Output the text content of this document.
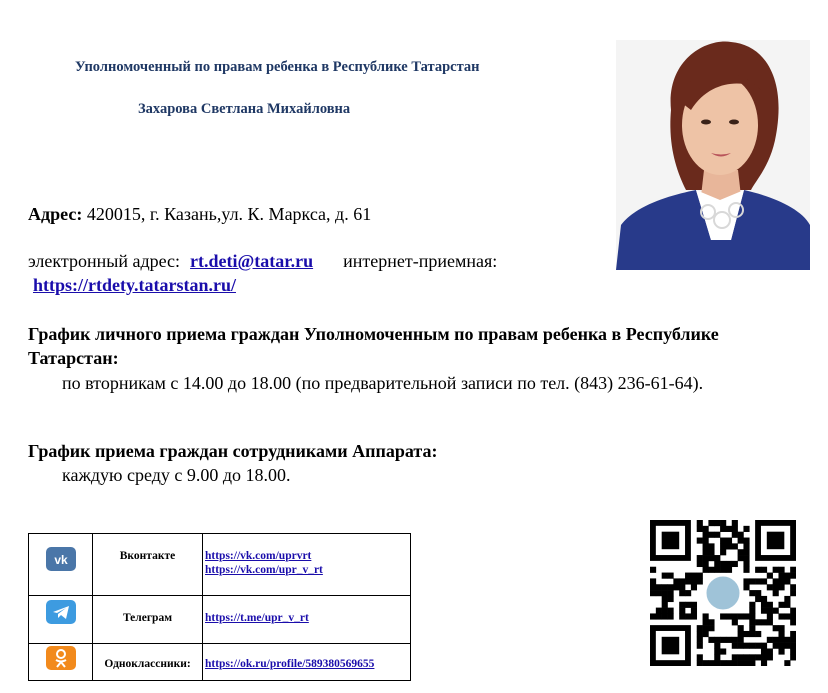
Уполномоченный по правам ребенка в Республике Татарстан
Захарова Светлана Михайловна
Адрес: 420015, г. Казань,ул. К. Маркса, д. 61
электронный адрес: rt.deti@tatar.ru интернет-приемная:
https://rtdety.tatarstan.ru/
График личного приема граждан Уполномоченным по правам ребенка в Республике Татарстан:
по вторникам с 14.00 до 18.00 (по предварительной записи по тел. (843) 236-61-64).
График приема граждан сотрудниками Аппарата:
каждую среду с 9.00 до 18.00.
vk	Вконтакте	https://vk.com/uprvrt
https://vk.com/upr_v_rt

Телеграм	https://t.me/upr_v_rt

Одноклассники:	https://ok.ru/profile/589380569655
